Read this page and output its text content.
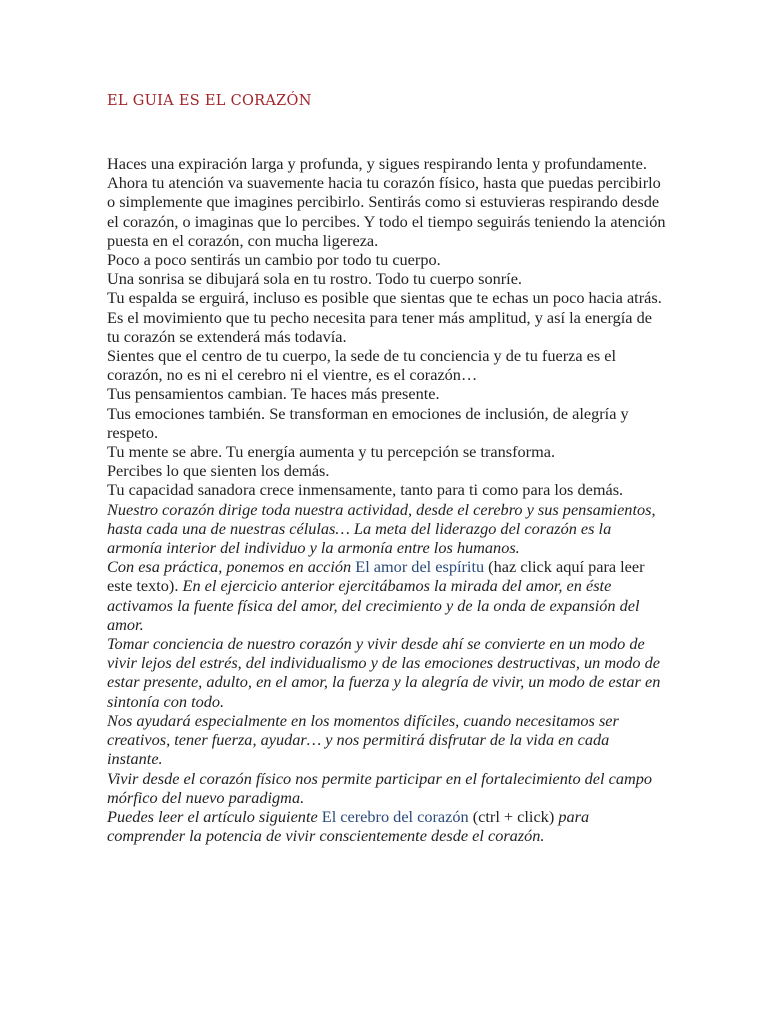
EL GUIA ES EL CORAZÓN

Haces una expiración larga y profunda, y sigues respirando lenta y profundamente.

Ahora tu atención va suavemente hacia tu corazón físico, hasta que puedas percibirlo o simplemente que imagines percibirlo. Sentirás como si estuvieras respirando desde el corazón, o imaginas que lo percibes. Y todo el tiempo seguirás teniendo la atención puesta en el corazón, con mucha ligereza.

Poco a poco sentirás un cambio por todo tu cuerpo.

Una sonrisa se dibujará sola en tu rostro. Todo tu cuerpo sonríe.

Tu espalda se erguirá, incluso es posible que sientas que te echas un poco hacia atrás. Es el movimiento que tu pecho necesita para tener más amplitud, y así la energía de tu corazón se extenderá más todavía.

Sientes que el centro de tu cuerpo, la sede de tu conciencia y de tu fuerza es el corazón, no es ni el cerebro ni el vientre, es el corazón…

Tus pensamientos cambian. Te haces más presente.

Tus emociones también. Se transforman en emociones de inclusión, de alegría y respeto.

Tu mente se abre. Tu energía aumenta y tu percepción se transforma.

Percibes lo que sienten los demás.

Tu capacidad sanadora crece inmensamente, tanto para ti como para los demás.

Nuestro corazón dirige toda nuestra actividad, desde el cerebro y sus pensamientos, hasta cada una de nuestras células… La meta del liderazgo del corazón es la armonía interior del individuo y la armonía entre los humanos.

Con esa práctica, ponemos en acción El amor del espíritu (haz click aquí para leer este texto). En el ejercicio anterior ejercitábamos la mirada del amor, en éste activamos la fuente física del amor, del crecimiento y de la onda de expansión del amor.

Tomar conciencia de nuestro corazón y vivir desde ahí se convierte en un modo de vivir lejos del estrés, del individualismo y de las emociones destructivas, un modo de estar presente, adulto, en el amor, la fuerza y la alegría de vivir, un modo de estar en sintonía con todo.

Nos ayudará especialmente en los momentos difíciles, cuando necesitamos ser creativos, tener fuerza, ayudar… y nos permitirá disfrutar de la vida en cada instante.

Vivir desde el corazón físico nos permite participar en el fortalecimiento del campo mórfico del nuevo paradigma.

Puedes leer el artículo siguiente El cerebro del corazón (ctrl + click) para comprender la potencia de vivir conscientemente desde el corazón.
